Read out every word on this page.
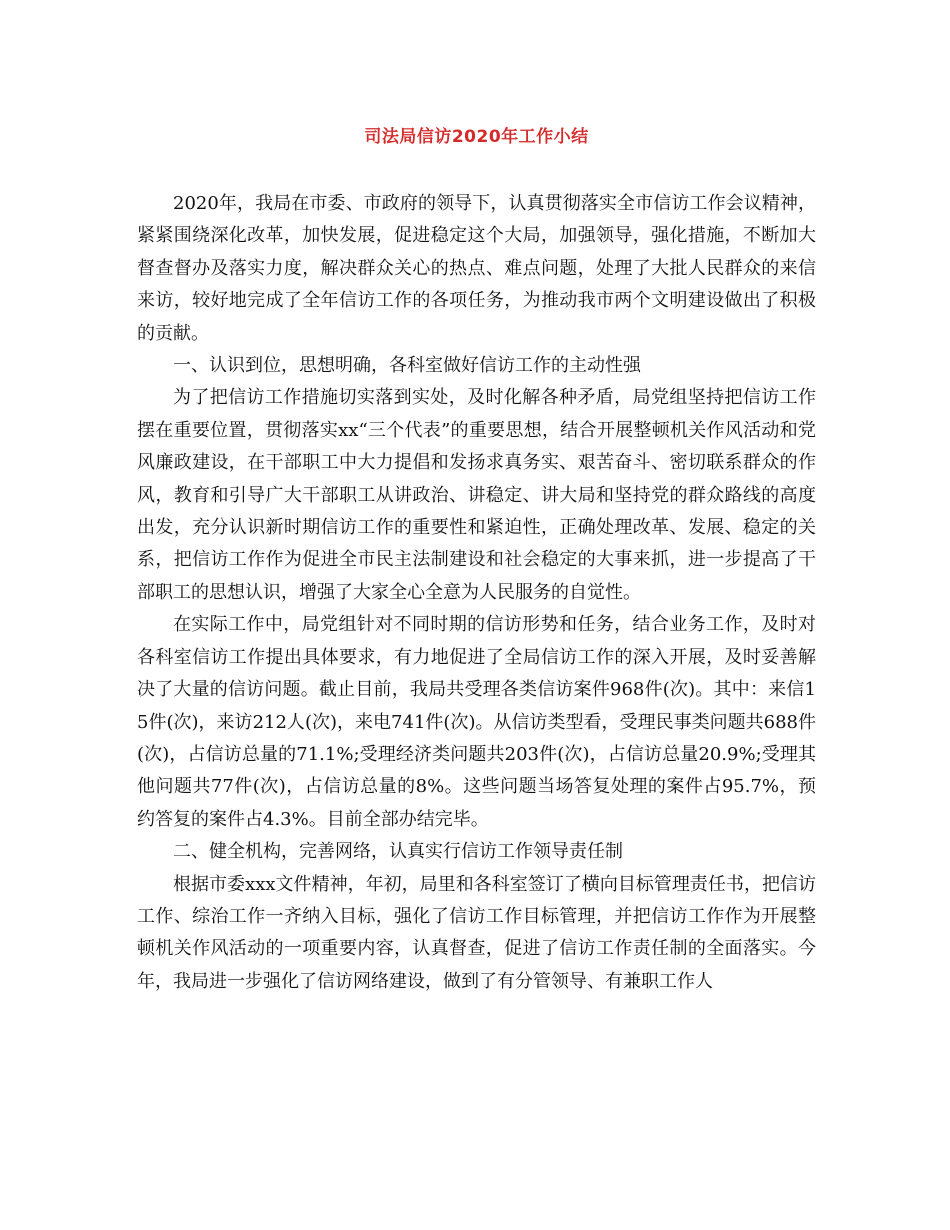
司法局信访2020年工作小结

2020年，我局在市委、市政府的领导下，认真贯彻落实全市信访工作会议精神，紧紧围绕深化改革，加快发展，促进稳定这个大局，加强领导，强化措施，不断加大督查督办及落实力度，解决群众关心的热点、难点问题，处理了大批人民群众的来信来访，较好地完成了全年信访工作的各项任务，为推动我市两个文明建设做出了积极的贡献。

一、认识到位，思想明确，各科室做好信访工作的主动性强

为了把信访工作措施切实落到实处，及时化解各种矛盾，局党组坚持把信访工作摆在重要位置，贯彻落实xx“三个代表”的重要思想，结合开展整顿机关作风活动和党风廉政建设，在干部职工中大力提倡和发扬求真务实、艰苦奋斗、密切联系群众的作风，教育和引导广大干部职工从讲政治、讲稳定、讲大局和坚持党的群众路线的高度出发，充分认识新时期信访工作的重要性和紧迫性，正确处理改革、发展、稳定的关系，把信访工作作为促进全市民主法制建设和社会稳定的大事来抓，进一步提高了干部职工的思想认识，增强了大家全心全意为人民服务的自觉性。

在实际工作中，局党组针对不同时期的信访形势和任务，结合业务工作，及时对各科室信访工作提出具体要求，有力地促进了全局信访工作的深入开展，及时妥善解决了大量的信访问题。截止目前，我局共受理各类信访案件968件(次)。其中：来信15件(次)，来访212人(次)，来电741件(次)。从信访类型看，受理民事类问题共688件(次)，占信访总量的71.1%;受理经济类问题共203件(次)，占信访总量20.9%;受理其他问题共77件(次)，占信访总量的8%。这些问题当场答复处理的案件占95.7%，预约答复的案件占4.3%。目前全部办结完毕。

二、健全机构，完善网络，认真实行信访工作领导责任制

根据市委xxx文件精神，年初，局里和各科室签订了横向目标管理责任书，把信访工作、综治工作一齐纳入目标，强化了信访工作目标管理，并把信访工作作为开展整顿机关作风活动的一项重要内容，认真督查，促进了信访工作责任制的全面落实。今年，我局进一步强化了信访网络建设，做到了有分管领导、有兼职工作人
